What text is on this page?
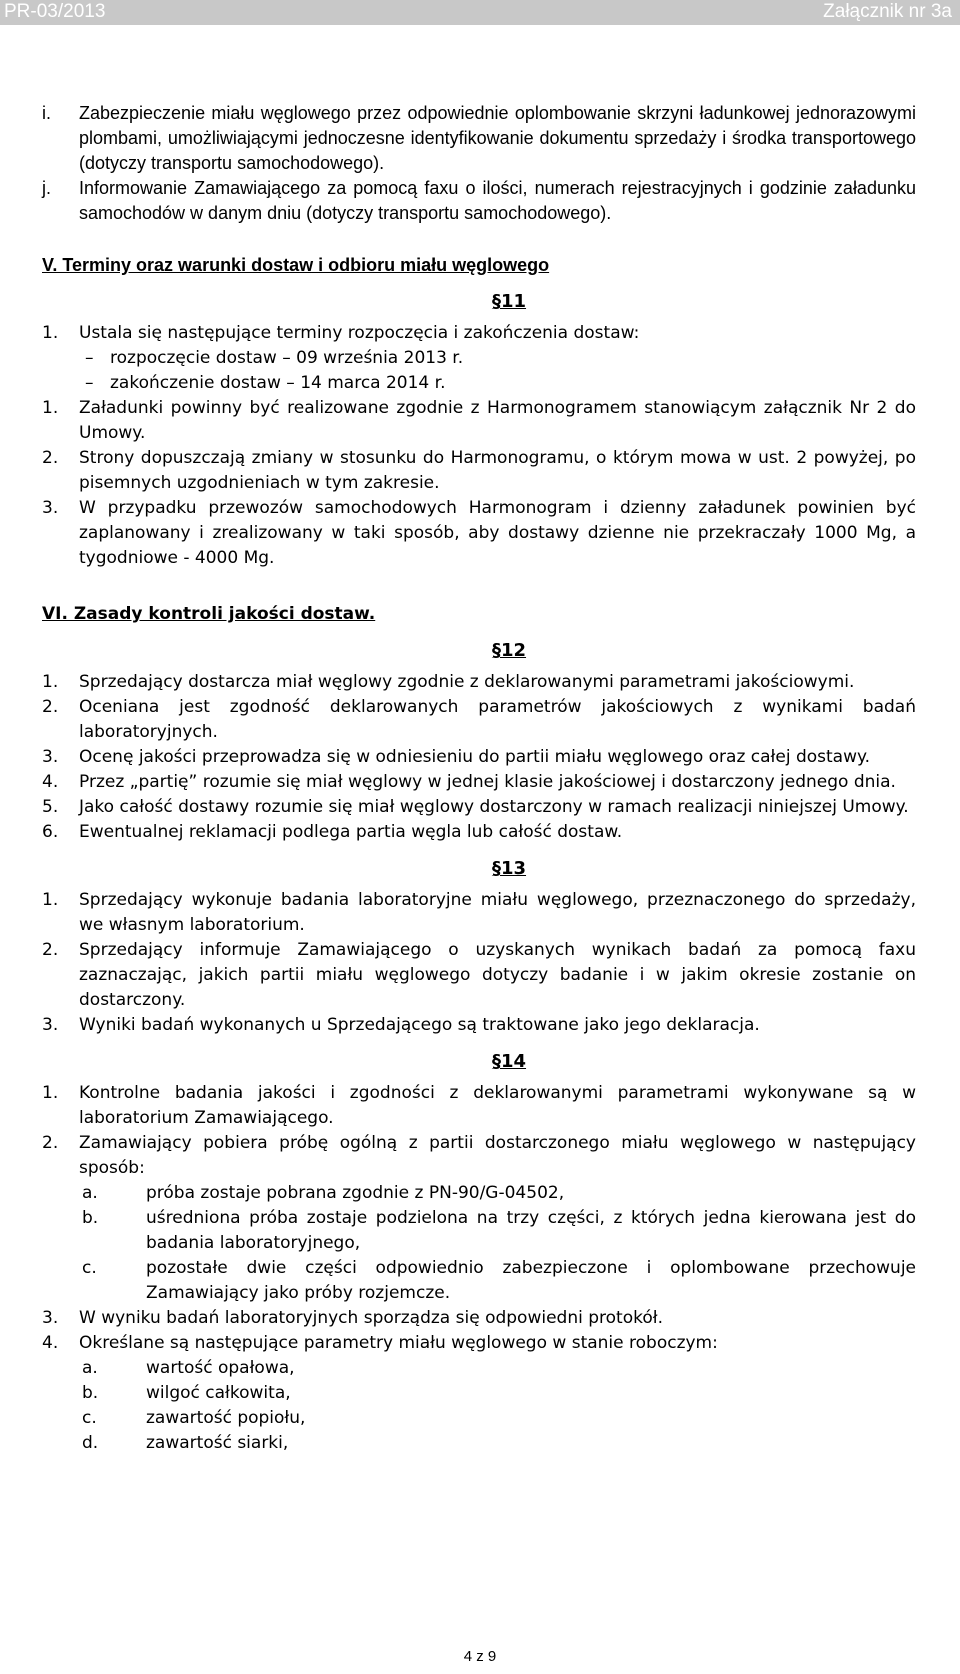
PR-03/2013	Załącznik nr 3a
i. Zabezpieczenie miału węglowego przez odpowiednie oplombowanie skrzyni ładunkowej jednorazowymi plombami, umożliwiającymi jednoczesne identyfikowanie dokumentu sprzedaży i środka transportowego (dotyczy transportu samochodowego).
j. Informowanie Zamawiającego za pomocą faxu o ilości, numerach rejestracyjnych i godzinie załadunku samochodów w danym dniu (dotyczy transportu samochodowego).
V. Terminy oraz warunki dostaw i odbioru miału węglowego
§11
1. Ustala się następujące terminy rozpoczęcia i zakończenia dostaw:
– rozpoczęcie dostaw – 09 września 2013 r.
– zakończenie dostaw – 14 marca 2014 r.
1. Załadunki powinny być realizowane zgodnie z Harmonogramem stanowiącym załącznik Nr 2 do Umowy.
2. Strony dopuszczają zmiany w stosunku do Harmonogramu, o którym mowa w ust. 2 powyżej, po pisemnych uzgodnieniach w tym zakresie.
3. W przypadku przewozów samochodowych Harmonogram i dzienny załadunek powinien być zaplanowany i zrealizowany w taki sposób, aby dostawy dzienne nie przekraczały 1000 Mg, a tygodniowe - 4000 Mg.
VI. Zasady kontroli jakości dostaw.
§12
1. Sprzedający dostarcza miał węglowy zgodnie z deklarowanymi parametrami jakościowymi.
2. Oceniana jest zgodność deklarowanych parametrów jakościowych z wynikami badań laboratoryjnych.
3. Ocenę jakości przeprowadza się w odniesieniu do partii miału węglowego oraz całej dostawy.
4. Przez „partię” rozumie się miał węglowy w jednej klasie jakościowej i dostarczony jednego dnia.
5. Jako całość dostawy rozumie się miał węglowy dostarczony w ramach realizacji niniejszej Umowy.
6. Ewentualnej reklamacji podlega partia węgla lub całość dostaw.
§13
1. Sprzedający wykonuje badania laboratoryjne miału węglowego, przeznaczonego do sprzedaży, we własnym laboratorium.
2. Sprzedający informuje Zamawiającego o uzyskanych wynikach badań za pomocą faxu zaznaczając, jakich partii miału węglowego dotyczy badanie i w jakim okresie zostanie on dostarczony.
3. Wyniki badań wykonanych u Sprzedającego są traktowane jako jego deklaracja.
§14
1. Kontrolne badania jakości i zgodności z deklarowanymi parametrami wykonywane są w laboratorium Zamawiającego.
2. Zamawiający pobiera próbę ogólną z partii dostarczonego miału węglowego w następujący sposób:
a.	próba zostaje pobrana zgodnie z PN-90/G-04502,
b.	uśredniona próba zostaje podzielona na trzy części, z których jedna kierowana jest do badania laboratoryjnego,
c.	pozostałe dwie części odpowiednio zabezpieczone i oplombowane przechowuje Zamawiający jako próby rozjemcze.
3. W wyniku badań laboratoryjnych sporządza się odpowiedni protokół.
4. Określane są następujące parametry miału węglowego w stanie roboczym:
a.	wartość opałowa,
b.	wilgoć całkowita,
c.	zawartość popiołu,
d.	zawartość siarki,
4 z 9
